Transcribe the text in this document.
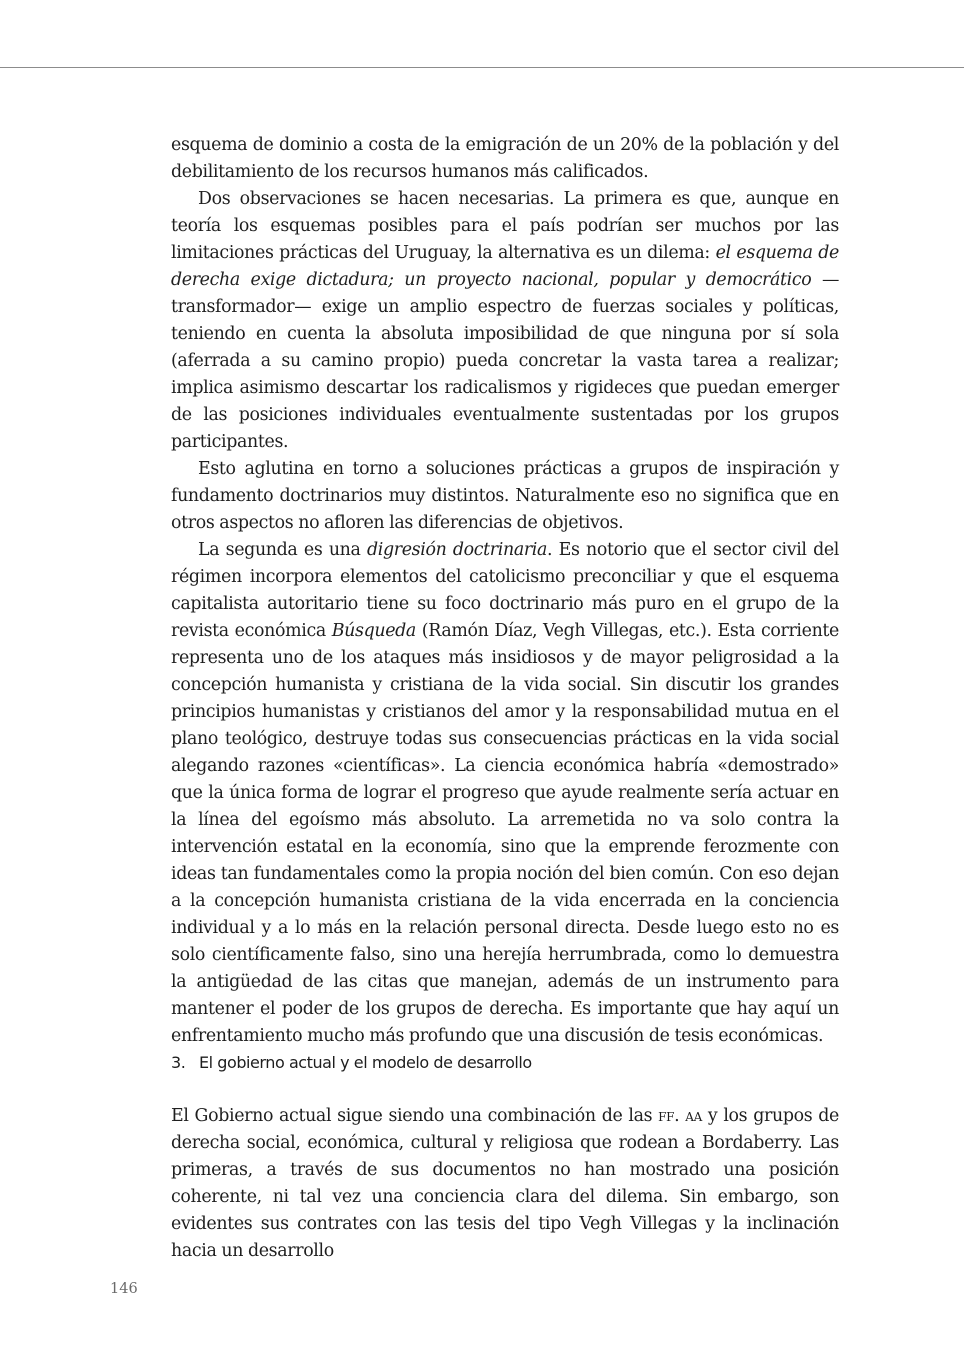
esquema de dominio a costa de la emigración de un 20% de la población y del debilitamiento de los recursos humanos más calificados.

Dos observaciones se hacen necesarias. La primera es que, aunque en teoría los esquemas posibles para el país podrían ser muchos por las limitaciones prácticas del Uruguay, la alternativa es un dilema: el esquema de derecha exige dictadura; un proyecto nacional, popular y democrático —transformador— exige un amplio espectro de fuerzas sociales y políticas, teniendo en cuenta la absoluta imposibilidad de que ninguna por sí sola (aferrada a su camino propio) pueda concretar la vasta tarea a realizar; implica asimismo descartar los radicalismos y rigideces que puedan emerger de las posiciones individuales eventualmente sustentadas por los grupos participantes.

Esto aglutina en torno a soluciones prácticas a grupos de inspiración y fundamento doctrinarios muy distintos. Naturalmente eso no significa que en otros aspectos no afloren las diferencias de objetivos.

La segunda es una digresión doctrinaria. Es notorio que el sector civil del régimen incorpora elementos del catolicismo preconciliar y que el esquema capitalista autoritario tiene su foco doctrinario más puro en el grupo de la revista económica Búsqueda (Ramón Díaz, Vegh Villegas, etc.). Esta corriente representa uno de los ataques más insidiosos y de mayor peligrosidad a la concepción humanista y cristiana de la vida social. Sin discutir los grandes principios humanistas y cristianos del amor y la responsabilidad mutua en el plano teológico, destruye todas sus consecuencias prácticas en la vida social alegando razones «científicas». La ciencia económica habría «demostrado» que la única forma de lograr el progreso que ayude realmente sería actuar en la línea del egoísmo más absoluto. La arremetida no va solo contra la intervención estatal en la economía, sino que la emprende ferozmente con ideas tan fundamentales como la propia noción del bien común. Con eso dejan a la concepción humanista cristiana de la vida encerrada en la conciencia individual y a lo más en la relación personal directa. Desde luego esto no es solo científicamente falso, sino una herejía herrumbrada, como lo demuestra la antigüedad de las citas que manejan, además de un instrumento para mantener el poder de los grupos de derecha. Es importante que hay aquí un enfrentamiento mucho más profundo que una discusión de tesis económicas.

3. El gobierno actual y el modelo de desarrollo

El Gobierno actual sigue siendo una combinación de las ff. aa y los grupos de derecha social, económica, cultural y religiosa que rodean a Bordaberry. Las primeras, a través de sus documentos no han mostrado una posición coherente, ni tal vez una conciencia clara del dilema. Sin embargo, son evidentes sus contrates con las tesis del tipo Vegh Villegas y la inclinación hacia un desarrollo

146
